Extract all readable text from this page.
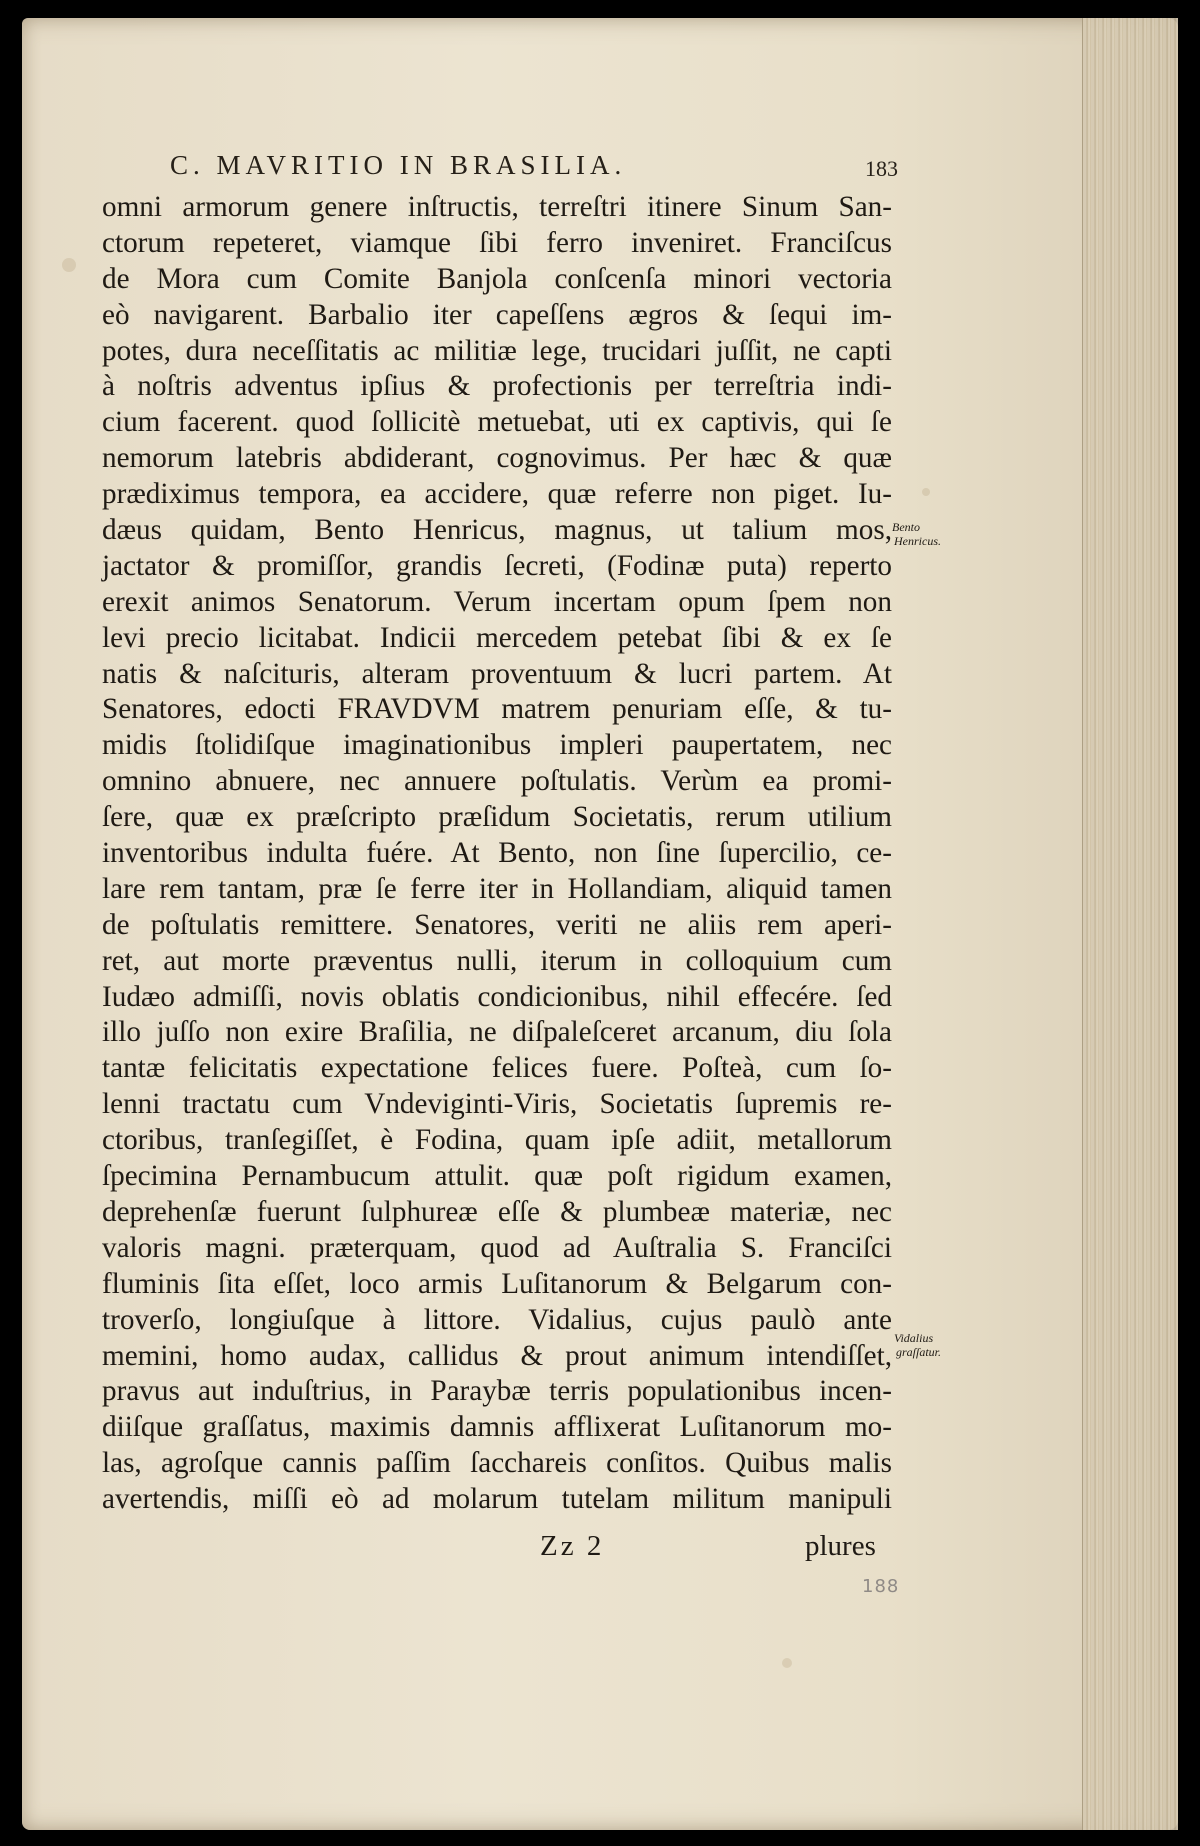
C. MAVRITIO IN BRASILIA.	183
omni armorum genere inſtructis, terreſtri itinere Sinum San-
ctorum repeteret, viamque ſibi ferro inveniret. Franciſcus
de Mora cum Comite Banjola conſcenſa minori vectoria
eò navigarent. Barbalio iter capeſſens ægros & ſequi im-
potes, dura neceſſitatis ac militiæ lege, trucidari juſſit, ne capti
à noſtris adventus ipſius & profectionis per terreſtria indi-
cium facerent. quod ſollicitè metuebat, uti ex captivis, qui ſe
nemorum latebris abdiderant, cognovimus. Per hæc & quæ
prædiximus tempora, ea accidere, quæ referre non piget. Iu-
dæus quidam, Bento Henricus, magnus, ut talium mos,
jactator & promiſſor, grandis ſecreti, (Fodinæ puta) reperto
erexit animos Senatorum. Verum incertam opum ſpem non
levi precio licitabat. Indicii mercedem petebat ſibi & ex ſe
natis & naſcituris, alteram proventuum & lucri partem. At
Senatores, edocti FRAVDVM matrem penuriam eſſe, & tu-
midis ſtolidiſque imaginationibus impleri paupertatem, nec
omnino abnuere, nec annuere poſtulatis. Verùm ea promi-
ſere, quæ ex præſcripto præſidum Societatis, rerum utilium
inventoribus indulta fuére. At Bento, non ſine ſupercilio, ce-
lare rem tantam, præ ſe ferre iter in Hollandiam, aliquid tamen
de poſtulatis remittere. Senatores, veriti ne aliis rem aperi-
ret, aut morte præventus nulli, iterum in colloquium cum
Iudæo admiſſi, novis oblatis condicionibus, nihil effecére. ſed
illo juſſo non exire Braſilia, ne diſpaleſceret arcanum, diu ſola
tantæ felicitatis expectatione felices fuere. Poſteà, cum ſo-
lenni tractatu cum Vndeviginti-Viris, Societatis ſupremis re-
ctoribus, tranſegiſſet, è Fodina, quam ipſe adiit, metallorum
ſpecimina Pernambucum attulit. quæ poſt rigidum examen,
deprehenſæ fuerunt ſulphureæ eſſe & plumbeæ materiæ, nec
valoris magni. præterquam, quod ad Auſtralia S. Franciſci
fluminis ſita eſſet, loco armis Luſitanorum & Belgarum con-
troverſo, longiuſque à littore. Vidalius, cujus paulò ante
memini, homo audax, callidus & prout animum intendiſſet,
pravus aut induſtrius, in Paraybæ terris populationibus incen-
diiſque graſſatus, maximis damnis afflixerat Luſitanorum mo-
las, agroſque cannis paſſim ſacchareis conſitos. Quibus malis
avertendis, miſſi eò ad molarum tutelam militum manipuli
Bento
Henricus.
Vidalius
graſſatur.
Zz 2	plures
188
